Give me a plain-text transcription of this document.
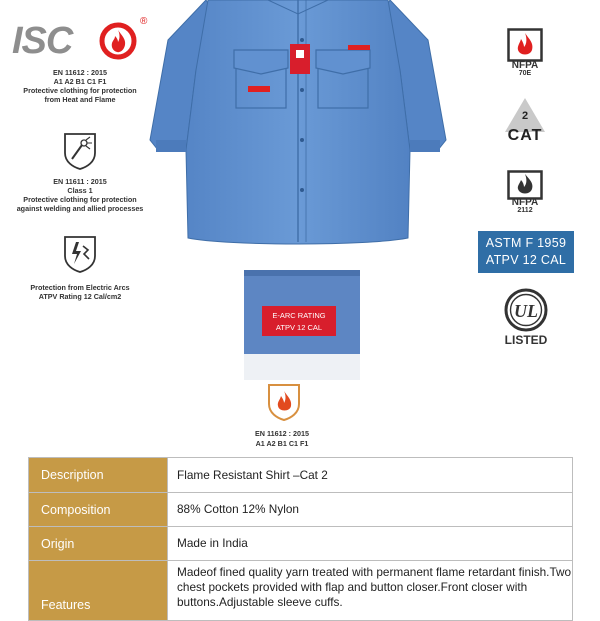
ISC	®
EN 11612 : 2015
A1 A2 B1 C1 F1
Protective clothing for protection
from Heat and Flame
EN 11611 : 2015
Class 1
Protective clothing for protection
against welding and allied processes
Protection from Electric Arcs
ATPV Rating 12 Cal/cm2
NFPA
70E
2
CAT
NFPA
2112
ASTM F 1959
ATPV 12 CAL
UL
LISTED
E-ARC RATING
ATPV 12 CAL
EN 11612 : 2015
A1 A2 B1 C1 F1
Description	Flame Resistant Shirt –Cat 2
Composition	88% Cotton 12% Nylon
Origin	Made in India
Features	Madeof fined quality yarn treated with permanent flame retardant finish.Two chest pockets provided with flap and button closer.Front closer with buttons.Adjustable sleeve cuffs.
